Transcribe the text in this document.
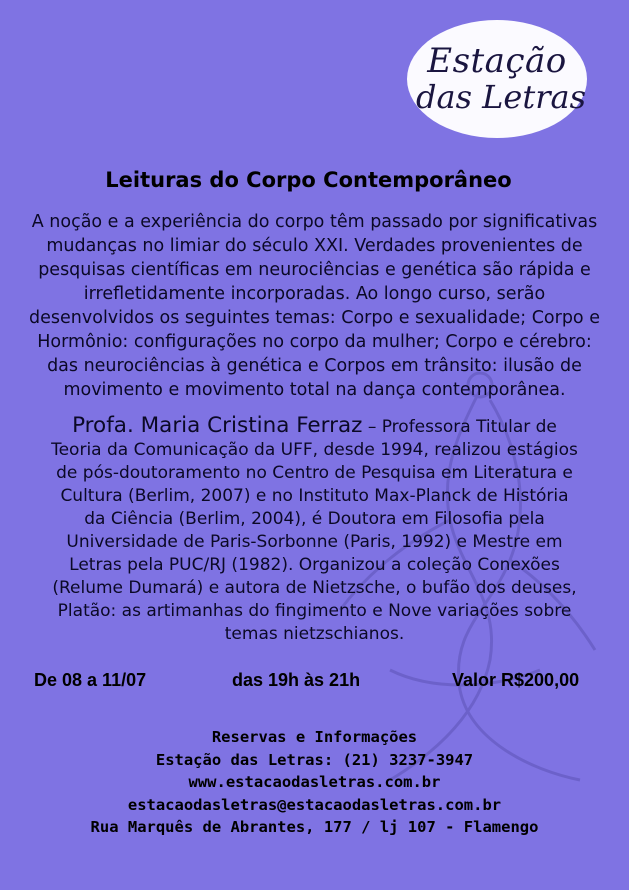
Estação
das Letras
Leituras do Corpo Contemporâneo
A noção e a experiência do corpo têm passado por significativas
mudanças no limiar do século XXI. Verdades provenientes de
pesquisas científicas em neurociências e genética são rápida e
irrefletidamente incorporadas. Ao longo curso, serão
desenvolvidos os seguintes temas: Corpo e sexualidade; Corpo e
Hormônio: configurações no corpo da mulher; Corpo e cérebro:
das neurociências à genética e Corpos em trânsito: ilusão de
movimento e movimento total na dança contemporânea.
Profa. Maria Cristina Ferraz – Professora Titular de
Teoria da Comunicação da UFF, desde 1994, realizou estágios
de pós-doutoramento no Centro de Pesquisa em Literatura e
Cultura (Berlim, 2007) e no Instituto Max-Planck de História
da Ciência (Berlim, 2004), é Doutora em Filosofia pela
Universidade de Paris-Sorbonne (Paris, 1992) e Mestre em
Letras pela PUC/RJ (1982). Organizou a coleção Conexões
(Relume Dumará) e autora de Nietzsche, o bufão dos deuses,
Platão: as artimanhas do fingimento e Nove variações sobre
temas nietzschianos.
De 08 a 11/07	das 19h às 21h	Valor R$200,00
Reservas e Informações
Estação das Letras: (21) 3237-3947
www.estacaodasletras.com.br
estacaodasletras@estacaodasletras.com.br
Rua Marquês de Abrantes, 177 / lj 107 - Flamengo
